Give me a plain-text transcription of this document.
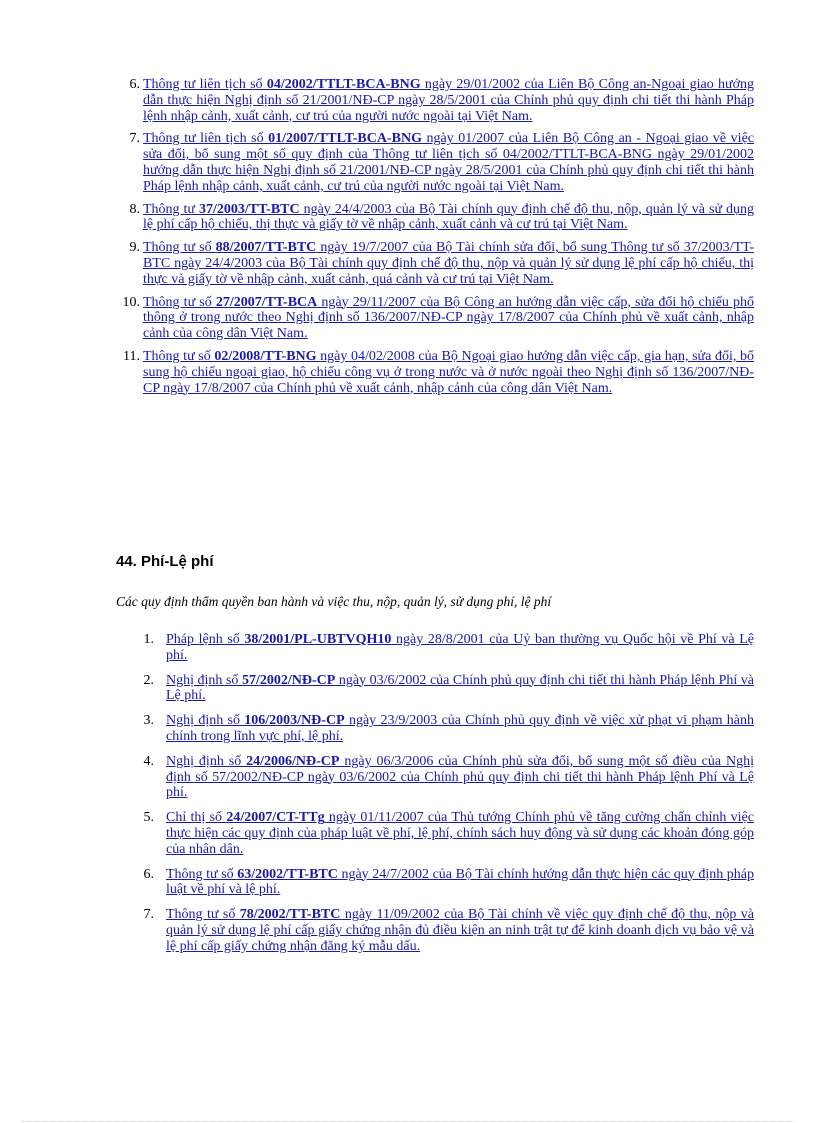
6. Thông tư liên tịch số 04/2002/TTLT-BCA-BNG ngày 29/01/2002 của Liên Bộ Công an-Ngoại giao hướng dẫn thực hiện Nghị định số 21/2001/NĐ-CP ngày 28/5/2001 của Chính phủ quy định chi tiết thi hành Pháp lệnh nhập cảnh, xuất cảnh, cư trú của người nước ngoài tại Việt Nam.
7. Thông tư liên tịch số 01/2007/TTLT-BCA-BNG ngày 01/2007 của Liên Bộ Công an - Ngoại giao về việc sửa đổi, bổ sung một số quy định của Thông tư liên tịch số 04/2002/TTLT-BCA-BNG ngày 29/01/2002 hướng dẫn thực hiện Nghị định số 21/2001/NĐ-CP ngày 28/5/2001 của Chính phủ quy định chi tiết thi hành Pháp lệnh nhập cảnh, xuất cảnh, cư trú của người nước ngoài tại Việt Nam.
8. Thông tư 37/2003/TT-BTC ngày 24/4/2003 của Bộ Tài chính quy định chế độ thu, nộp, quản lý và sử dụng lệ phí cấp hộ chiếu, thị thực và giấy tờ về nhập cảnh, xuất cảnh và cư trú tại Việt Nam.
9. Thông tư số 88/2007/TT-BTC ngày 19/7/2007 của Bộ Tài chính sửa đổi, bổ sung Thông tư số 37/2003/TT-BTC ngày 24/4/2003 của Bộ Tài chính quy định chế độ thu, nộp và quản lý sử dụng lệ phí cấp hộ chiếu, thị thực và giấy tờ về nhập cảnh, xuất cảnh, quá cảnh và cư trú tại Việt Nam.
10. Thông tư số 27/2007/TT-BCA ngày 29/11/2007 của Bộ Công an hướng dẫn việc cấp, sửa đổi hộ chiếu phổ thông ở trong nước theo Nghị định số 136/2007/NĐ-CP ngày 17/8/2007 của Chính phủ về xuất cảnh, nhập cảnh của công dân Việt Nam.
11. Thông tư số 02/2008/TT-BNG ngày 04/02/2008 của Bộ Ngoại giao hướng dẫn việc cấp, gia hạn, sửa đổi, bổ sung hộ chiếu ngoại giao, hộ chiếu công vụ ở trong nước và ở nước ngoài theo Nghị định số 136/2007/NĐ-CP ngày 17/8/2007 của Chính phủ về xuất cảnh, nhập cảnh của công dân Việt Nam.
44. Phí-Lệ phí

Các quy định thẩm quyền ban hành và việc thu, nộp, quản lý, sử dụng phí, lệ phí

1. Pháp lệnh số 38/2001/PL-UBTVQH10 ngày 28/8/2001 của Uỷ ban thường vụ Quốc hội về Phí và Lệ phí.
2. Nghị định số 57/2002/NĐ-CP ngày 03/6/2002 của Chính phủ quy định chi tiết thi hành Pháp lệnh Phí và Lệ phí.
3. Nghị định số 106/2003/NĐ-CP ngày 23/9/2003 của Chính phủ quy định về việc xử phạt vi phạm hành chính trong lĩnh vực phí, lệ phí.
4. Nghị định số 24/2006/NĐ-CP ngày 06/3/2006 của Chính phủ sửa đổi, bổ sung một số điều của Nghị định số 57/2002/NĐ-CP ngày 03/6/2002 của Chính phủ quy định chi tiết thi hành Pháp lệnh Phí và Lệ phí.
5. Chỉ thị số 24/2007/CT-TTg ngày 01/11/2007 của Thủ tướng Chính phủ về tăng cường chấn chỉnh việc thực hiện các quy định của pháp luật về phí, lệ phí, chính sách huy động và sử dụng các khoản đóng góp của nhân dân.
6. Thông tư số 63/2002/TT-BTC ngày 24/7/2002 của Bộ Tài chính hướng dẫn thực hiện các quy định pháp luật về phí và lệ phí.
7. Thông tư số 78/2002/TT-BTC ngày 11/09/2002 của Bộ Tài chính về việc quy định chế độ thu, nộp và quản lý sử dụng lệ phí cấp giấy chứng nhận đủ điều kiện an ninh trật tự để kinh doanh dịch vụ bảo vệ và lệ phí cấp giấy chứng nhận đăng ký mẫu dấu.
